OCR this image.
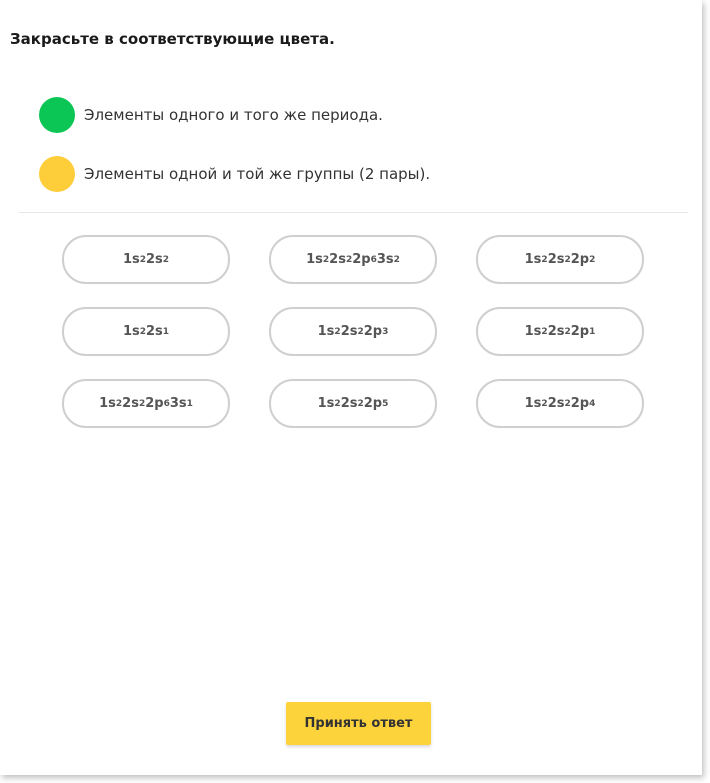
Закрасьте в соответствующие цвета.
Элементы одного и того же периода.
Элементы одной и той же группы (2 пары).
1s 2 2s 2	1s 2 2s 2 2p 6 3s 2	1s 2 2s 2 2p 2
1s 2 2s 1	1s 2 2s 2 2p 3	1s 2 2s 2 2p 1
1s 2 2s 2 2p 6 3s 1	1s 2 2s 2 2p 5	1s 2 2s 2 2p 4
Принять ответ
